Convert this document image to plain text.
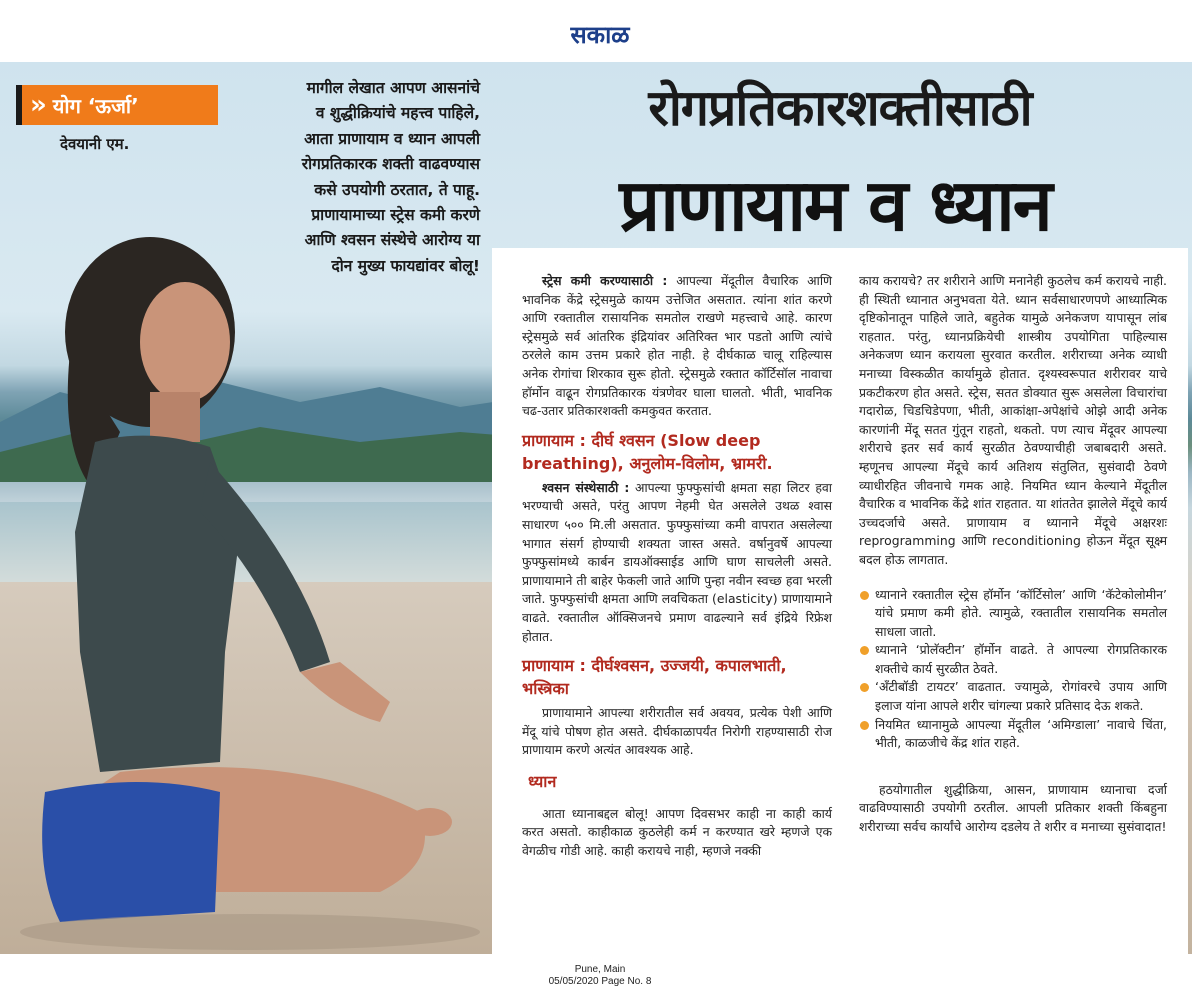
सकाळ
» योग ‘ऊर्जा’
देवयानी एम.
मागील लेखात आपण आसनांचे व शुद्धीक्रियांचे महत्त्व पाहिले, आता प्राणायाम व ध्यान आपली रोगप्रतिकारक शक्ती वाढवण्यास कसे उपयोगी ठरतात, ते पाहू. प्राणायामाच्या स्ट्रेस कमी करणे आणि श्वसन संस्थेचे आरोग्य या दोन मुख्य फायद्यांवर बोलू!
रोगप्रतिकारशक्तीसाठी
प्राणायाम व ध्यान

स्ट्रेस कमी करण्यासाठी : आपल्या मेंदूतील वैचारिक आणि भावनिक केंद्रे स्ट्रेसमुळे कायम उत्तेजित असतात. त्यांना शांत करणे आणि रक्तातील रासायनिक समतोल राखणे महत्त्वाचे आहे. कारण स्ट्रेसमुळे सर्व आंतरिक इंद्रियांवर अतिरिक्त भार पडतो आणि त्यांचे ठरलेले काम उत्तम प्रकारे होत नाही. हे दीर्घकाळ चालू राहिल्यास अनेक रोगांचा शिरकाव सुरू होतो. स्ट्रेसमुळे रक्तात कॉर्टिसॉल नावाचा हॉर्मोन वाढून रोगप्रतिकारक यंत्रणेवर घाला घालतो. भीती, भावनिक चढ-उतार प्रतिकारशक्ती कमकुवत करतात.

प्राणायाम : दीर्घ श्वसन (Slow deep breathing), अनुलोम-विलोम, भ्रामरी.

श्वसन संस्थेसाठी : आपल्या फुफ्फुसांची क्षमता सहा लिटर हवा भरण्याची असते, परंतु आपण नेहमी घेत असलेले उथळ श्वास साधारण ५०० मि.ली असतात. फुफ्फुसांच्या कमी वापरात असलेल्या भागात संसर्ग होण्याची शक्यता जास्त असते. वर्षानुवर्षे आपल्या फुफ्फुसांमध्ये कार्बन डायऑक्साईड आणि घाण साचलेली असते. प्राणायामाने ती बाहेर फेकली जाते आणि पुन्हा नवीन स्वच्छ हवा भरली जाते. फुफ्फुसांची क्षमता आणि लवचिकता (elasticity) प्राणायामाने वाढते. रक्तातील ऑक्सिजनचे प्रमाण वाढल्याने सर्व इंद्रिये रिफ्रेश होतात.

प्राणायाम : दीर्घश्वसन, उज्जयी, कपालभाती, भस्त्रिका

प्राणायामाने आपल्या शरीरातील सर्व अवयव, प्रत्येक पेशी आणि मेंदू यांचे पोषण होत असते. दीर्घकाळापर्यंत निरोगी राहण्यासाठी रोज प्राणायाम करणे अत्यंत आवश्यक आहे.

ध्यान

आता ध्यानाबद्दल बोलू! आपण दिवसभर काही ना काही कार्य करत असतो. काहीकाळ कुठलेही कर्म न करण्यात खरे म्हणजे एक वेगळीच गोडी आहे. काही करायचे नाही, म्हणजे नक्की

काय करायचे? तर शरीराने आणि मनानेही कुठलेच कर्म करायचे नाही. ही स्थिती ध्यानात अनुभवता येते. ध्यान सर्वसाधारणपणे आध्यात्मिक दृष्टिकोनातून पाहिले जाते, बहुतेक यामुळे अनेकजण यापासून लांब राहतात. परंतु, ध्यानप्रक्रियेची शास्त्रीय उपयोगिता पाहिल्यास अनेकजण ध्यान करायला सुरवात करतील. शरीराच्या अनेक व्याधी मनाच्या विस्कळीत कार्यामुळे होतात. दृश्यस्वरूपात शरीरावर याचे प्रकटीकरण होत असते. स्ट्रेस, सतत डोक्यात सुरू असलेला विचारांचा गदारोळ, चिडचिडेपणा, भीती, आकांक्षा-अपेक्षांचे ओझे आदी अनेक कारणांनी मेंदू सतत गुंतून राहतो, थकतो. पण त्याच मेंदूवर आपल्या शरीराचे इतर सर्व कार्य सुरळीत ठेवण्याचीही जबाबदारी असते. म्हणूनच आपल्या मेंदूचे कार्य अतिशय संतुलित, सुसंवादी ठेवणे व्याधीरहित जीवनाचे गमक आहे. नियमित ध्यान केल्याने मेंदूतील वैचारिक व भावनिक केंद्रे शांत राहतात. या शांततेत झालेले मेंदूचे कार्य उच्चदर्जाचे असते. प्राणायाम व ध्यानाने मेंदूचे अक्षरशः reprogramming आणि reconditioning होऊन मेंदूत सूक्ष्म बदल होऊ लागतात.

ध्यानाने रक्तातील स्ट्रेस हॉर्मोन ‘कॉर्टिसोल’ आणि ‘कॅटेकोलोमीन’ यांचे प्रमाण कमी होते. त्यामुळे, रक्तातील रासायनिक समतोल साधला जातो.
ध्यानाने ‘प्रोलॅक्टीन’ हॉर्मोन वाढते. ते आपल्या रोगप्रतिकारक शक्तीचे कार्य सुरळीत ठेवते.
‘अँटीबॉडी टायटर’ वाढतात. ज्यामुळे, रोगांवरचे उपाय आणि इलाज यांना आपले शरीर चांगल्या प्रकारे प्रतिसाद देऊ शकते.
नियमित ध्यानामुळे आपल्या मेंदूतील ‘अमिग्डाला’ नावाचे चिंता, भीती, काळजीचे केंद्र शांत राहते.

हठयोगातील शुद्धीक्रिया, आसन, प्राणायाम ध्यानाचा दर्जा वाढविण्यासाठी उपयोगी ठरतील. आपली प्रतिकार शक्ती किंबहुना शरीराच्या सर्वच कार्यांचे आरोग्य दडलेय ते शरीर व मनाच्या सुसंवादात!

Pune, Main
05/05/2020 Page No. 8
